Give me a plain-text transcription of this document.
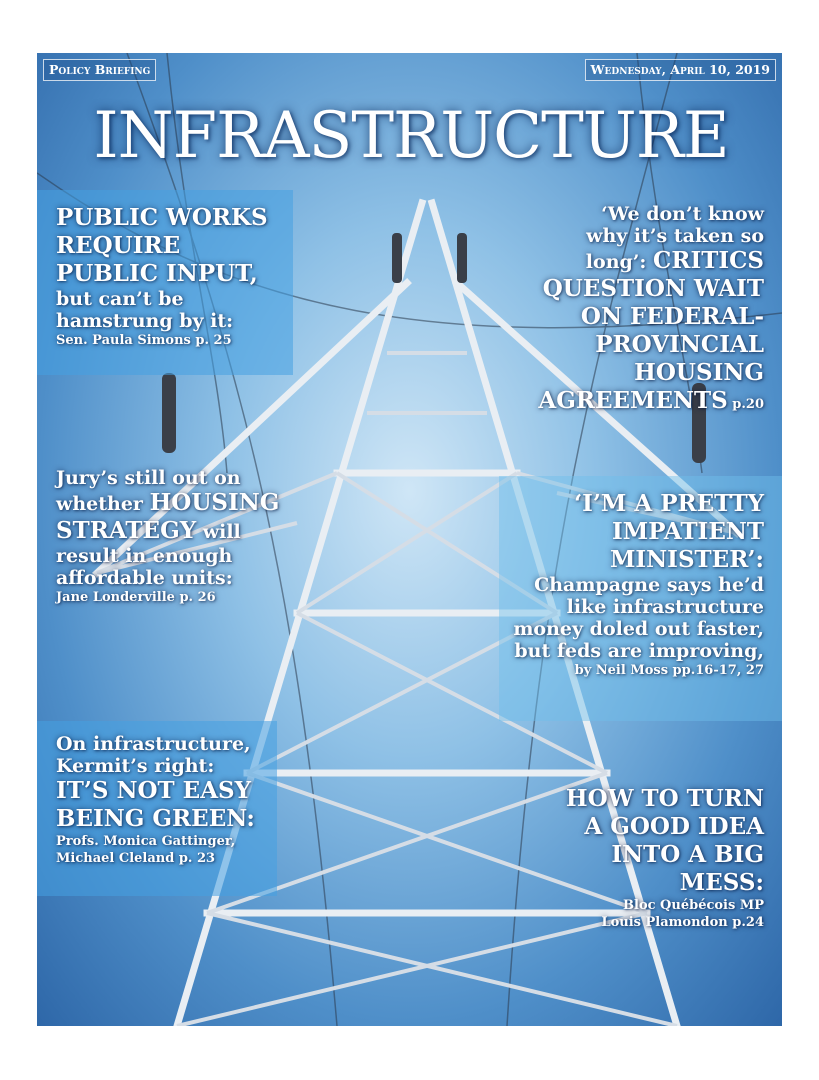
Policy Briefing	Wednesday, April 10, 2019
INFRASTRUCTURE
PUBLIC WORKS
REQUIRE
PUBLIC INPUT,
but can’t be
hamstrung by it:
Sen. Paula Simons p. 25
‘We don’t know
why it’s taken so
long’: CRITICS
QUESTION WAIT
ON FEDERAL-
PROVINCIAL
HOUSING
AGREEMENTS p.20
Jury’s still out on
whether HOUSING
STRATEGY will
result in enough
affordable units:
Jane Londerville p. 26
‘I’M A PRETTY
IMPATIENT
MINISTER’:
Champagne says he’d
like infrastructure
money doled out faster,
but feds are improving,
by Neil Moss pp.16-17, 27
On infrastructure,
Kermit’s right:
IT’S NOT EASY
BEING GREEN:
Profs. Monica Gattinger,
Michael Cleland p. 23
HOW TO TURN
A GOOD IDEA
INTO A BIG
MESS:
Bloc Québécois MP
Louis Plamondon p.24
